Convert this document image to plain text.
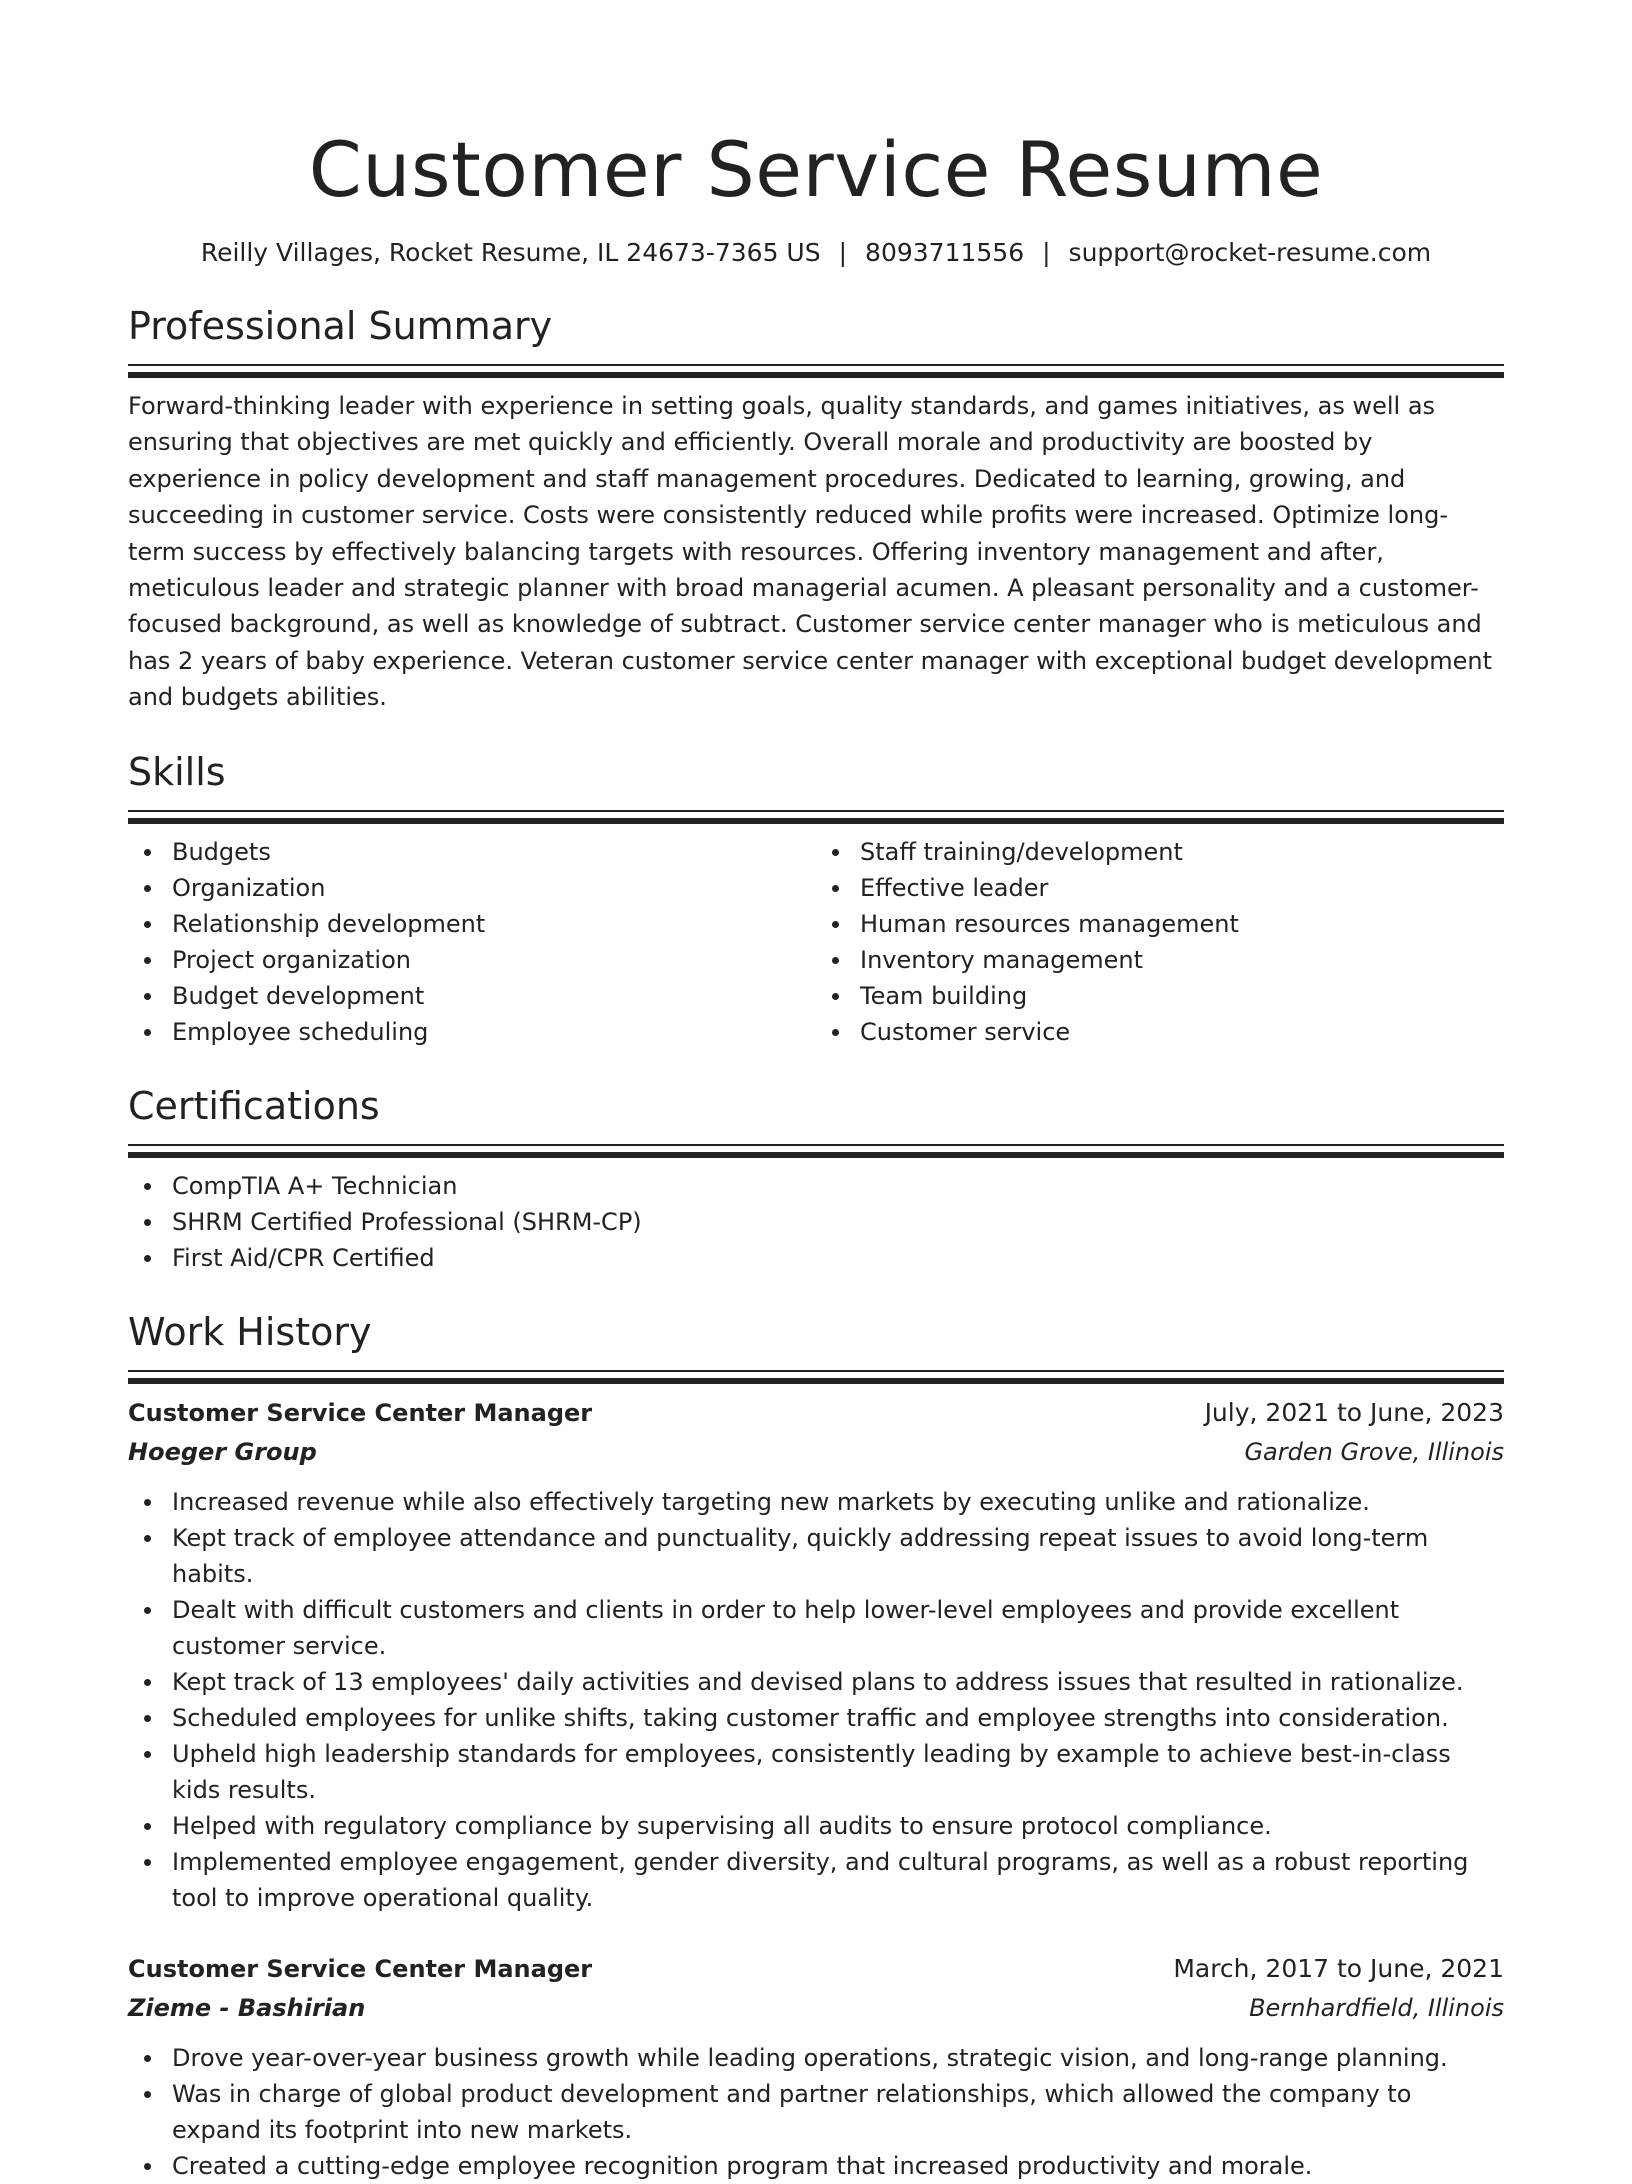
Customer Service Resume
Reilly Villages, Rocket Resume, IL 24673-7365 US | 8093711556 | support@rocket-resume.com
Professional Summary

Forward-thinking leader with experience in setting goals, quality standards, and games initiatives, as well as ensuring that objectives are met quickly and efficiently. Overall morale and productivity are boosted by experience in policy development and staff management procedures. Dedicated to learning, growing, and succeeding in customer service. Costs were consistently reduced while profits were increased. Optimize long-term success by effectively balancing targets with resources. Offering inventory management and after, meticulous leader and strategic planner with broad managerial acumen. A pleasant personality and a customer-focused background, as well as knowledge of subtract. Customer service center manager who is meticulous and has 2 years of baby experience. Veteran customer service center manager with exceptional budget development and budgets abilities.

Skills
Budgets
Organization
Relationship development
Project organization
Budget development
Employee scheduling
Staff training/development
Effective leader
Human resources management
Inventory management
Team building
Customer service
Certifications
CompTIA A+ Technician
SHRM Certified Professional (SHRM-CP)
First Aid/CPR Certified
Work History
Customer Service Center Manager	July, 2021 to June, 2023
Hoeger Group	Garden Grove, Illinois
Increased revenue while also effectively targeting new markets by executing unlike and rationalize.
Kept track of employee attendance and punctuality, quickly addressing repeat issues to avoid long-term habits.
Dealt with difficult customers and clients in order to help lower-level employees and provide excellent customer service.
Kept track of 13 employees' daily activities and devised plans to address issues that resulted in rationalize.
Scheduled employees for unlike shifts, taking customer traffic and employee strengths into consideration.
Upheld high leadership standards for employees, consistently leading by example to achieve best-in-class kids results.
Helped with regulatory compliance by supervising all audits to ensure protocol compliance.
Implemented employee engagement, gender diversity, and cultural programs, as well as a robust reporting tool to improve operational quality.
Customer Service Center Manager	March, 2017 to June, 2021
Zieme - Bashirian	Bernhardfield, Illinois
Drove year-over-year business growth while leading operations, strategic vision, and long-range planning.
Was in charge of global product development and partner relationships, which allowed the company to expand its footprint into new markets.
Created a cutting-edge employee recognition program that increased productivity and morale.
